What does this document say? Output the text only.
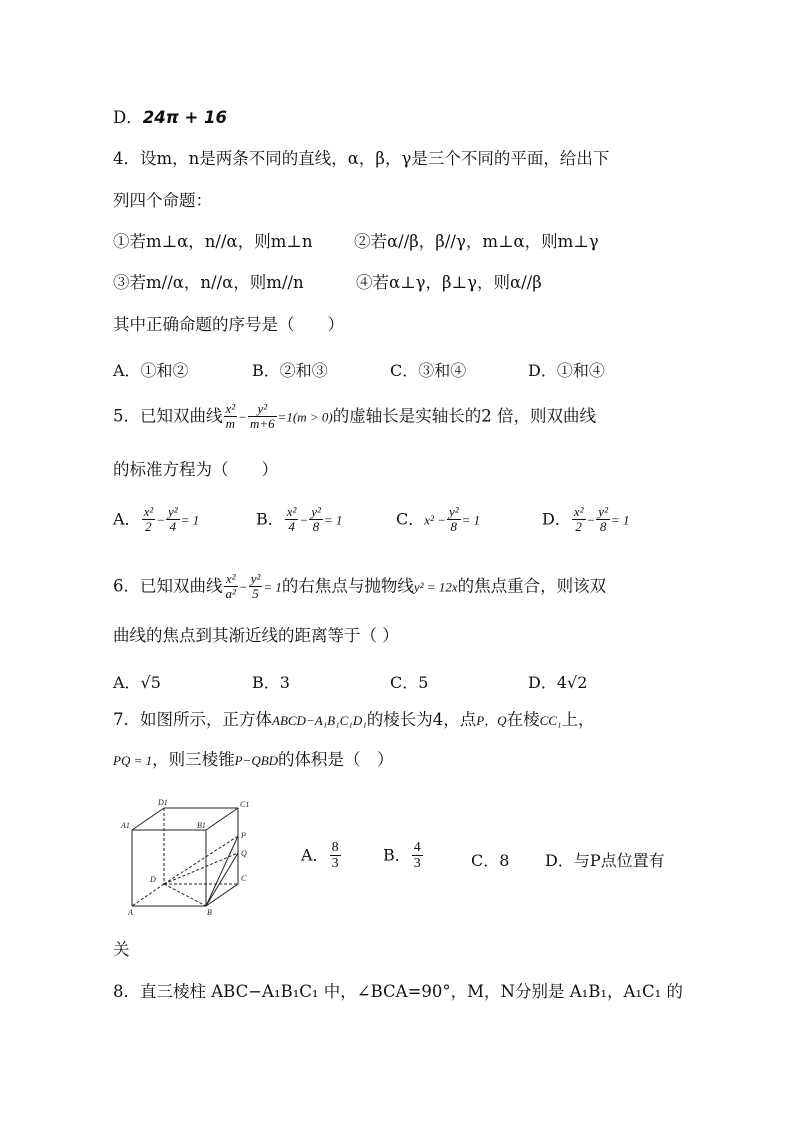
D．24π + 16
4．设m，n是两条不同的直线，α，β，γ是三个不同的平面，给出下
列四个命题：
①若m⊥α，n//α，则m⊥n	②若α//β，β//γ，m⊥α，则m⊥γ
③若m//α，n//α，则m//n	④若α⊥γ，β⊥γ，则α//β
其中正确命题的序号是（　　）
A．①和②	B．②和③	C．③和④	D．①和④
5．已知双曲线 $\frac{\text{x²}}{m} - \frac{\text{y²}}{m+6} =1(m > 0)$的虚轴长是实轴长的2 倍，则双曲线
的标准方程为（　　）
A． $\frac{\text{x²}}{2} - \frac{\text{y²}}{4} = 1$	B． $\frac{\text{x²}}{4} - \frac{\text{y²}}{8} = 1$	C．$x^2 - \frac{\text{y²}}{8} = 1$	D． $\frac{\text{x²}}{2} - \frac{\text{y²}}{8} = 1$
6．已知双曲线 $\frac{\text{x²}}{\text{a²}} - \frac{\text{y²}}{5} = 1$的右焦点与抛物线y² = 12x的焦点重合，则该双
曲线的焦点到其渐近线的距离等于（ ）
A．√5	B．3	C．5	D．4√2
7．如图所示，正方体ABCD−A₁B₁C₁D₁的棱长为4，点P，Q在棱CC₁上，
PQ = 1，则三棱锥P−QBD的体积是（　）
D1	C1
A1	B1
P
Q
D	C
A	B
A． $\frac{8}{3}$	B． $\frac{4}{3}$	C．8 D．与P点位置有
关
8．直三棱柱 ABC−A₁B₁C₁ 中，∠BCA=90°，M，N分别是 A₁B₁，A₁C₁ 的
